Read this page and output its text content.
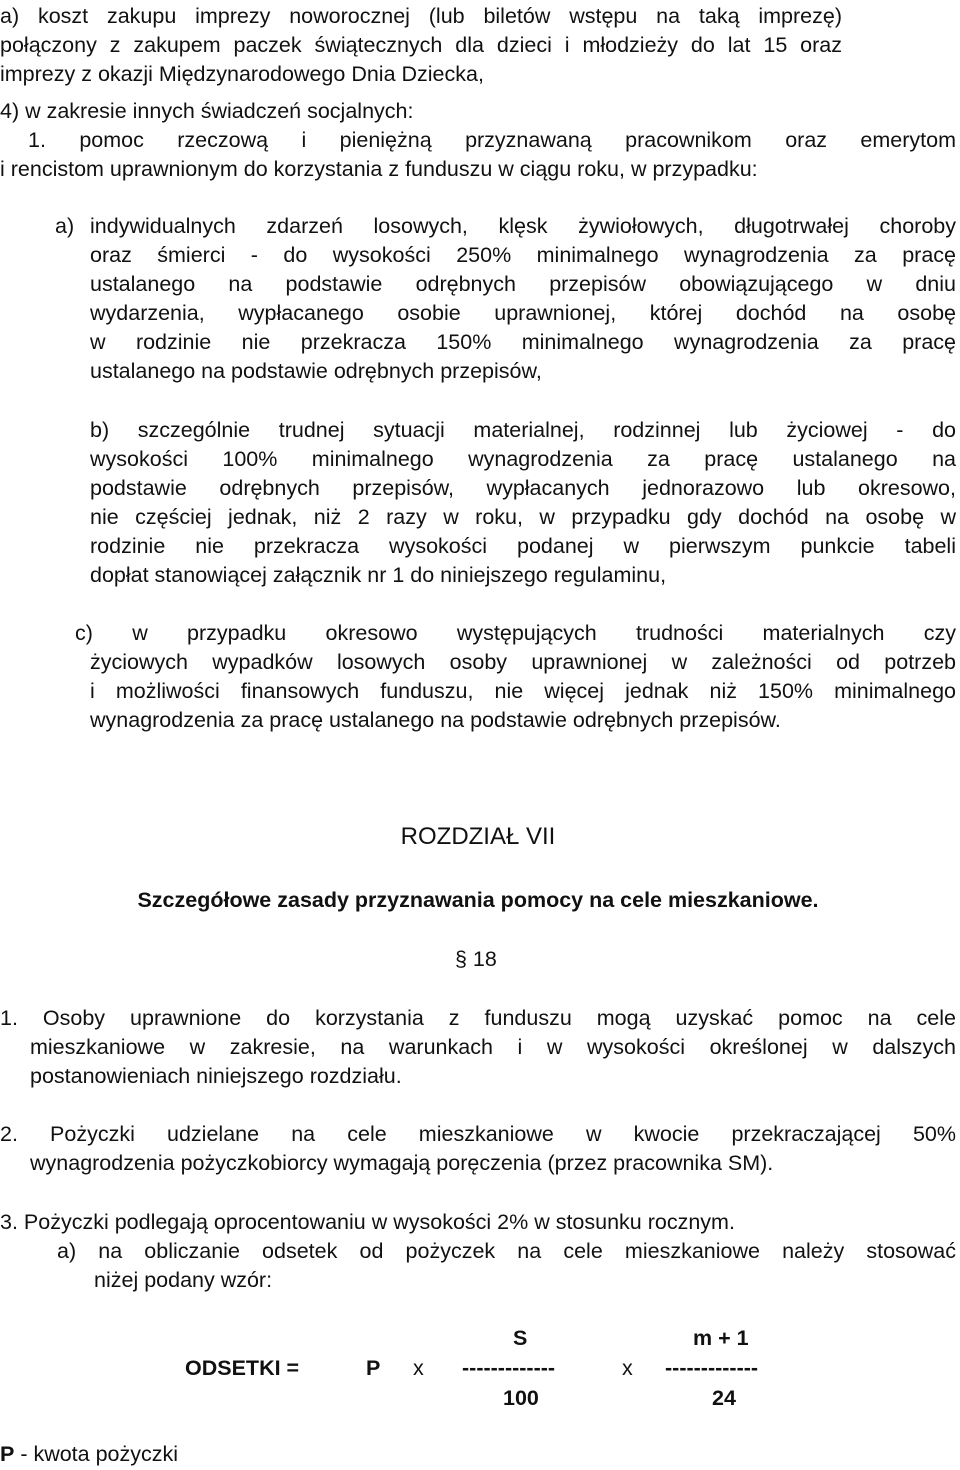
a) koszt zakupu imprezy noworocznej (lub biletów wstępu na taką imprezę)
połączony z zakupem paczek świątecznych dla dzieci i młodzieży do lat 15 oraz
imprezy z okazji Międzynarodowego Dnia Dziecka,
4) w zakresie innych świadczeń socjalnych:
1. pomoc rzeczową i pieniężną przyznawaną pracownikom oraz emerytom
i rencistom uprawnionym do korzystania z funduszu w ciągu roku, w przypadku:
a) indywidualnych zdarzeń losowych, klęsk żywiołowych, długotrwałej choroby
oraz śmierci - do wysokości 250% minimalnego wynagrodzenia za pracę
ustalanego na podstawie odrębnych przepisów obowiązującego w dniu
wydarzenia, wypłacanego osobie uprawnionej, której dochód na osobę
w rodzinie nie przekracza 150% minimalnego wynagrodzenia za pracę
ustalanego na podstawie odrębnych przepisów,
b) szczególnie trudnej sytuacji materialnej, rodzinnej lub życiowej - do
wysokości 100% minimalnego wynagrodzenia za pracę ustalanego na
podstawie odrębnych przepisów, wypłacanych jednorazowo lub okresowo,
nie częściej jednak, niż 2 razy w roku, w przypadku gdy dochód na osobę w
rodzinie nie przekracza wysokości podanej w pierwszym punkcie tabeli
dopłat stanowiącej załącznik nr 1 do niniejszego regulaminu,
c) w przypadku okresowo występujących trudności materialnych czy
życiowych wypadków losowych osoby uprawnionej w zależności od potrzeb
i możliwości finansowych funduszu, nie więcej jednak niż 150% minimalnego
wynagrodzenia za pracę ustalanego na podstawie odrębnych przepisów.
ROZDZIAŁ VII
Szczegółowe zasady przyznawania pomocy na cele mieszkaniowe.
§ 18
1. Osoby uprawnione do korzystania z funduszu mogą uzyskać pomoc na cele
mieszkaniowe w zakresie, na warunkach i w wysokości określonej w dalszych
postanowieniach niniejszego rozdziału.
2. Pożyczki udzielane na cele mieszkaniowe w kwocie przekraczającej 50%
wynagrodzenia pożyczkobiorcy wymagają poręczenia (przez pracownika SM).
3. Pożyczki podlegają oprocentowaniu w wysokości 2% w stosunku rocznym.
a) na obliczanie odsetek od pożyczek na cele mieszkaniowe należy stosować
niżej podany wzór:
S	m + 1
ODSETKI =	P x -------------	x -------------
100	24
P - kwota pożyczki
